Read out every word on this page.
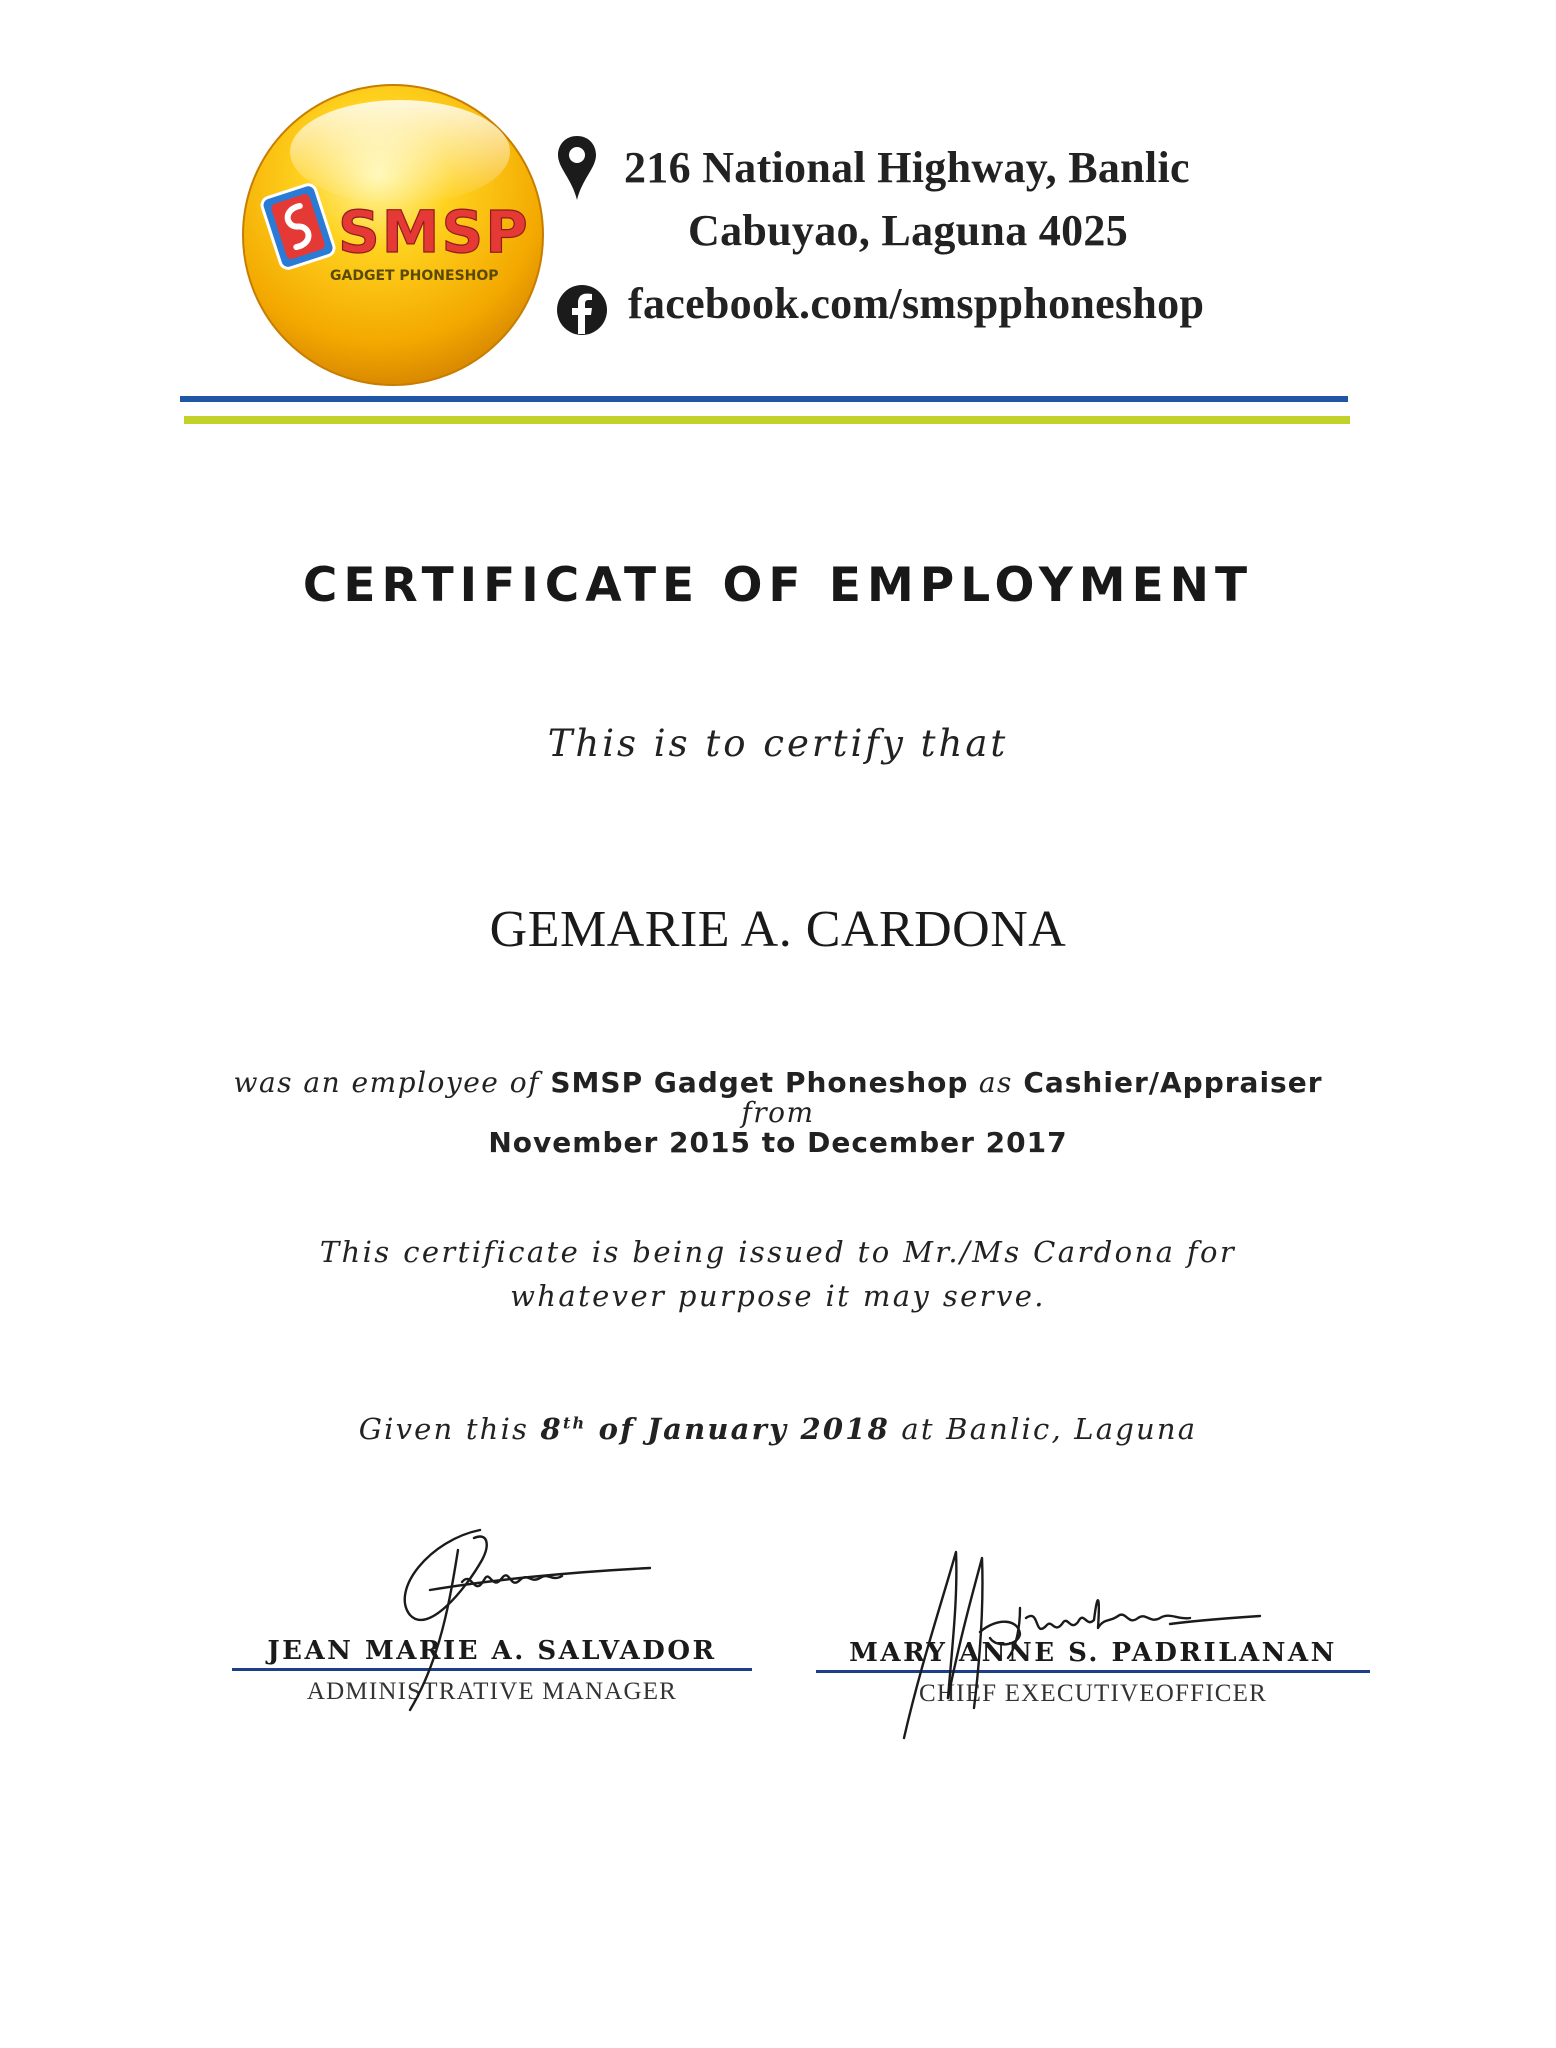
SMSP
GADGET PHONESHOP
216 National Highway, Banlic
Cabuyao, Laguna 4025
facebook.com/smspphoneshop
CERTIFICATE OF EMPLOYMENT
This is to certify that
GEMARIE A. CARDONA
was an employee of SMSP Gadget Phoneshop as Cashier/Appraiser from
November 2015 to December 2017
This certificate is being issued to Mr./Ms Cardona for whatever purpose it may serve.
Given this 8th of January 2018 at Banlic, Laguna
JEAN MARIE A. SALVADOR
ADMINISTRATIVE MANAGER
MARY ANNE S. PADRILANAN
CHIEF EXECUTIVEOFFICER
